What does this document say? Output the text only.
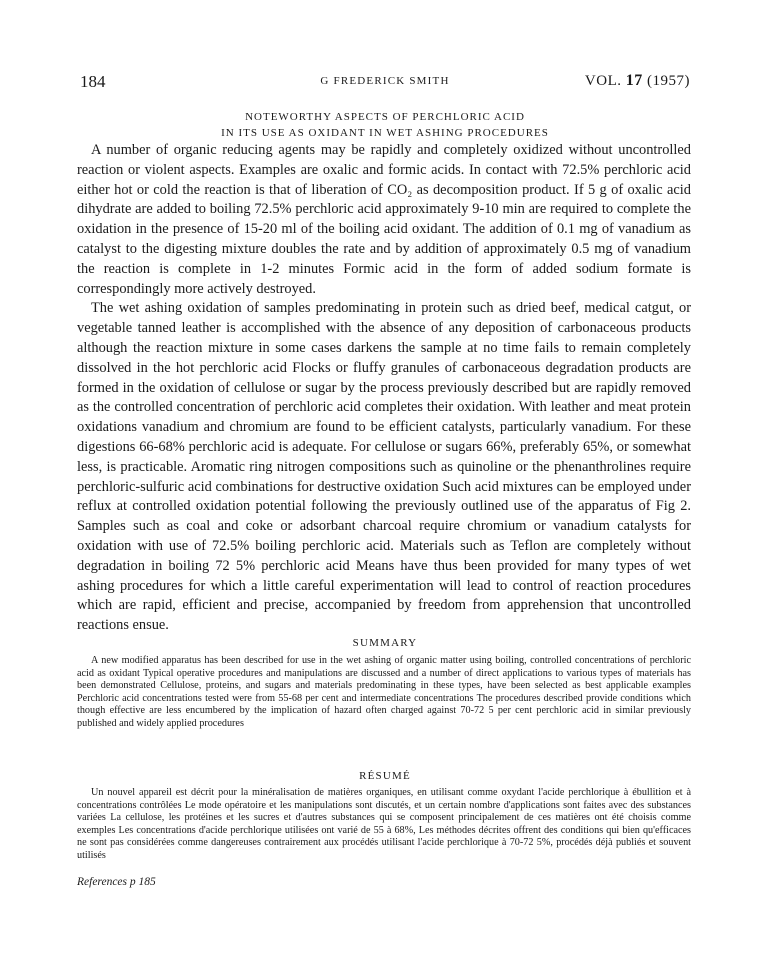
184	G FREDERICK SMITH	VOL. 17 (1957)
NOTEWORTHY ASPECTS OF PERCHLORIC ACID
IN ITS USE AS OXIDANT IN WET ASHING PROCEDURES

A number of organic reducing agents may be rapidly and completely oxidized without uncontrolled reaction or violent aspects. Examples are oxalic and formic acids. In contact with 72.5% perchloric acid either hot or cold the reaction is that of liberation of CO₂ as decomposition product. If 5 g of oxalic acid dihydrate are added to boiling 72.5% perchloric acid approximately 9-10 min are required to complete the oxidation in the presence of 15-20 ml of the boiling acid oxidant. The addition of 0.1 mg of vanadium as catalyst to the digesting mixture doubles the rate and by addition of approximately 0.5 mg of vanadium the reaction is complete in 1-2 minutes Formic acid in the form of added sodium formate is correspondingly more actively destroyed.

The wet ashing oxidation of samples predominating in protein such as dried beef, medical catgut, or vegetable tanned leather is accomplished with the absence of any deposition of carbonaceous products although the reaction mixture in some cases darkens the sample at no time fails to remain completely dissolved in the hot perchloric acid Flocks or fluffy granules of carbonaceous degradation products are formed in the oxidation of cellulose or sugar by the process previously described but are rapidly removed as the controlled concentration of perchloric acid completes their oxidation. With leather and meat protein oxidations vanadium and chromium are found to be efficient catalysts, particularly vanadium. For these digestions 66-68% perchloric acid is adequate. For cellulose or sugars 66%, preferably 65%, or somewhat less, is practicable. Aromatic ring nitrogen compositions such as quinoline or the phenanthrolines require perchloric-sulfuric acid combinations for destructive oxidation Such acid mixtures can be employed under reflux at controlled oxidation potential following the previously outlined use of the apparatus of Fig 2. Samples such as coal and coke or adsorbant charcoal require chromium or vanadium catalysts for oxidation with use of 72.5% boiling perchloric acid. Materials such as Teflon are completely without degradation in boiling 72 5% perchloric acid Means have thus been provided for many types of wet ashing procedures for which a little careful experimentation will lead to control of reaction procedures which are rapid, efficient and precise, accompanied by freedom from apprehension that uncontrolled reactions ensue.

SUMMARY

A new modified apparatus has been described for use in the wet ashing of organic matter using boiling, controlled concentrations of perchloric acid as oxidant Typical operative procedures and manipulations are discussed and a number of direct applications to various types of materials has been demonstrated Cellulose, proteins, and sugars and materials predominating in these types, have been selected as best applicable examples Perchloric acid concentrations tested were from 55-68 per cent and intermediate concentrations The procedures described provide conditions which though effective are less encumbered by the implication of hazard often charged against 70-72 5 per cent perchloric acid in similar previously published and widely applied procedures

RÉSUMÉ

Un nouvel appareil est décrit pour la minéralisation de matières organiques, en utilisant comme oxydant l'acide perchlorique à ébullition et à concentrations contrôlées Le mode opératoire et les manipulations sont discutés, et un certain nombre d'applications sont faites avec des substances variées La cellulose, les protéines et les sucres et d'autres substances qui se composent principalement de ces matières ont été choisis comme exemples Les concentrations d'acide perchlorique utilisées ont varié de 55 à 68%, Les méthodes décrites offrent des conditions qui bien qu'efficaces ne sont pas considérées comme dangereuses contrairement aux procédés utilisant l'acide perchlorique à 70-72 5%, procédés déjà publiés et souvent utilisés

References p 185
